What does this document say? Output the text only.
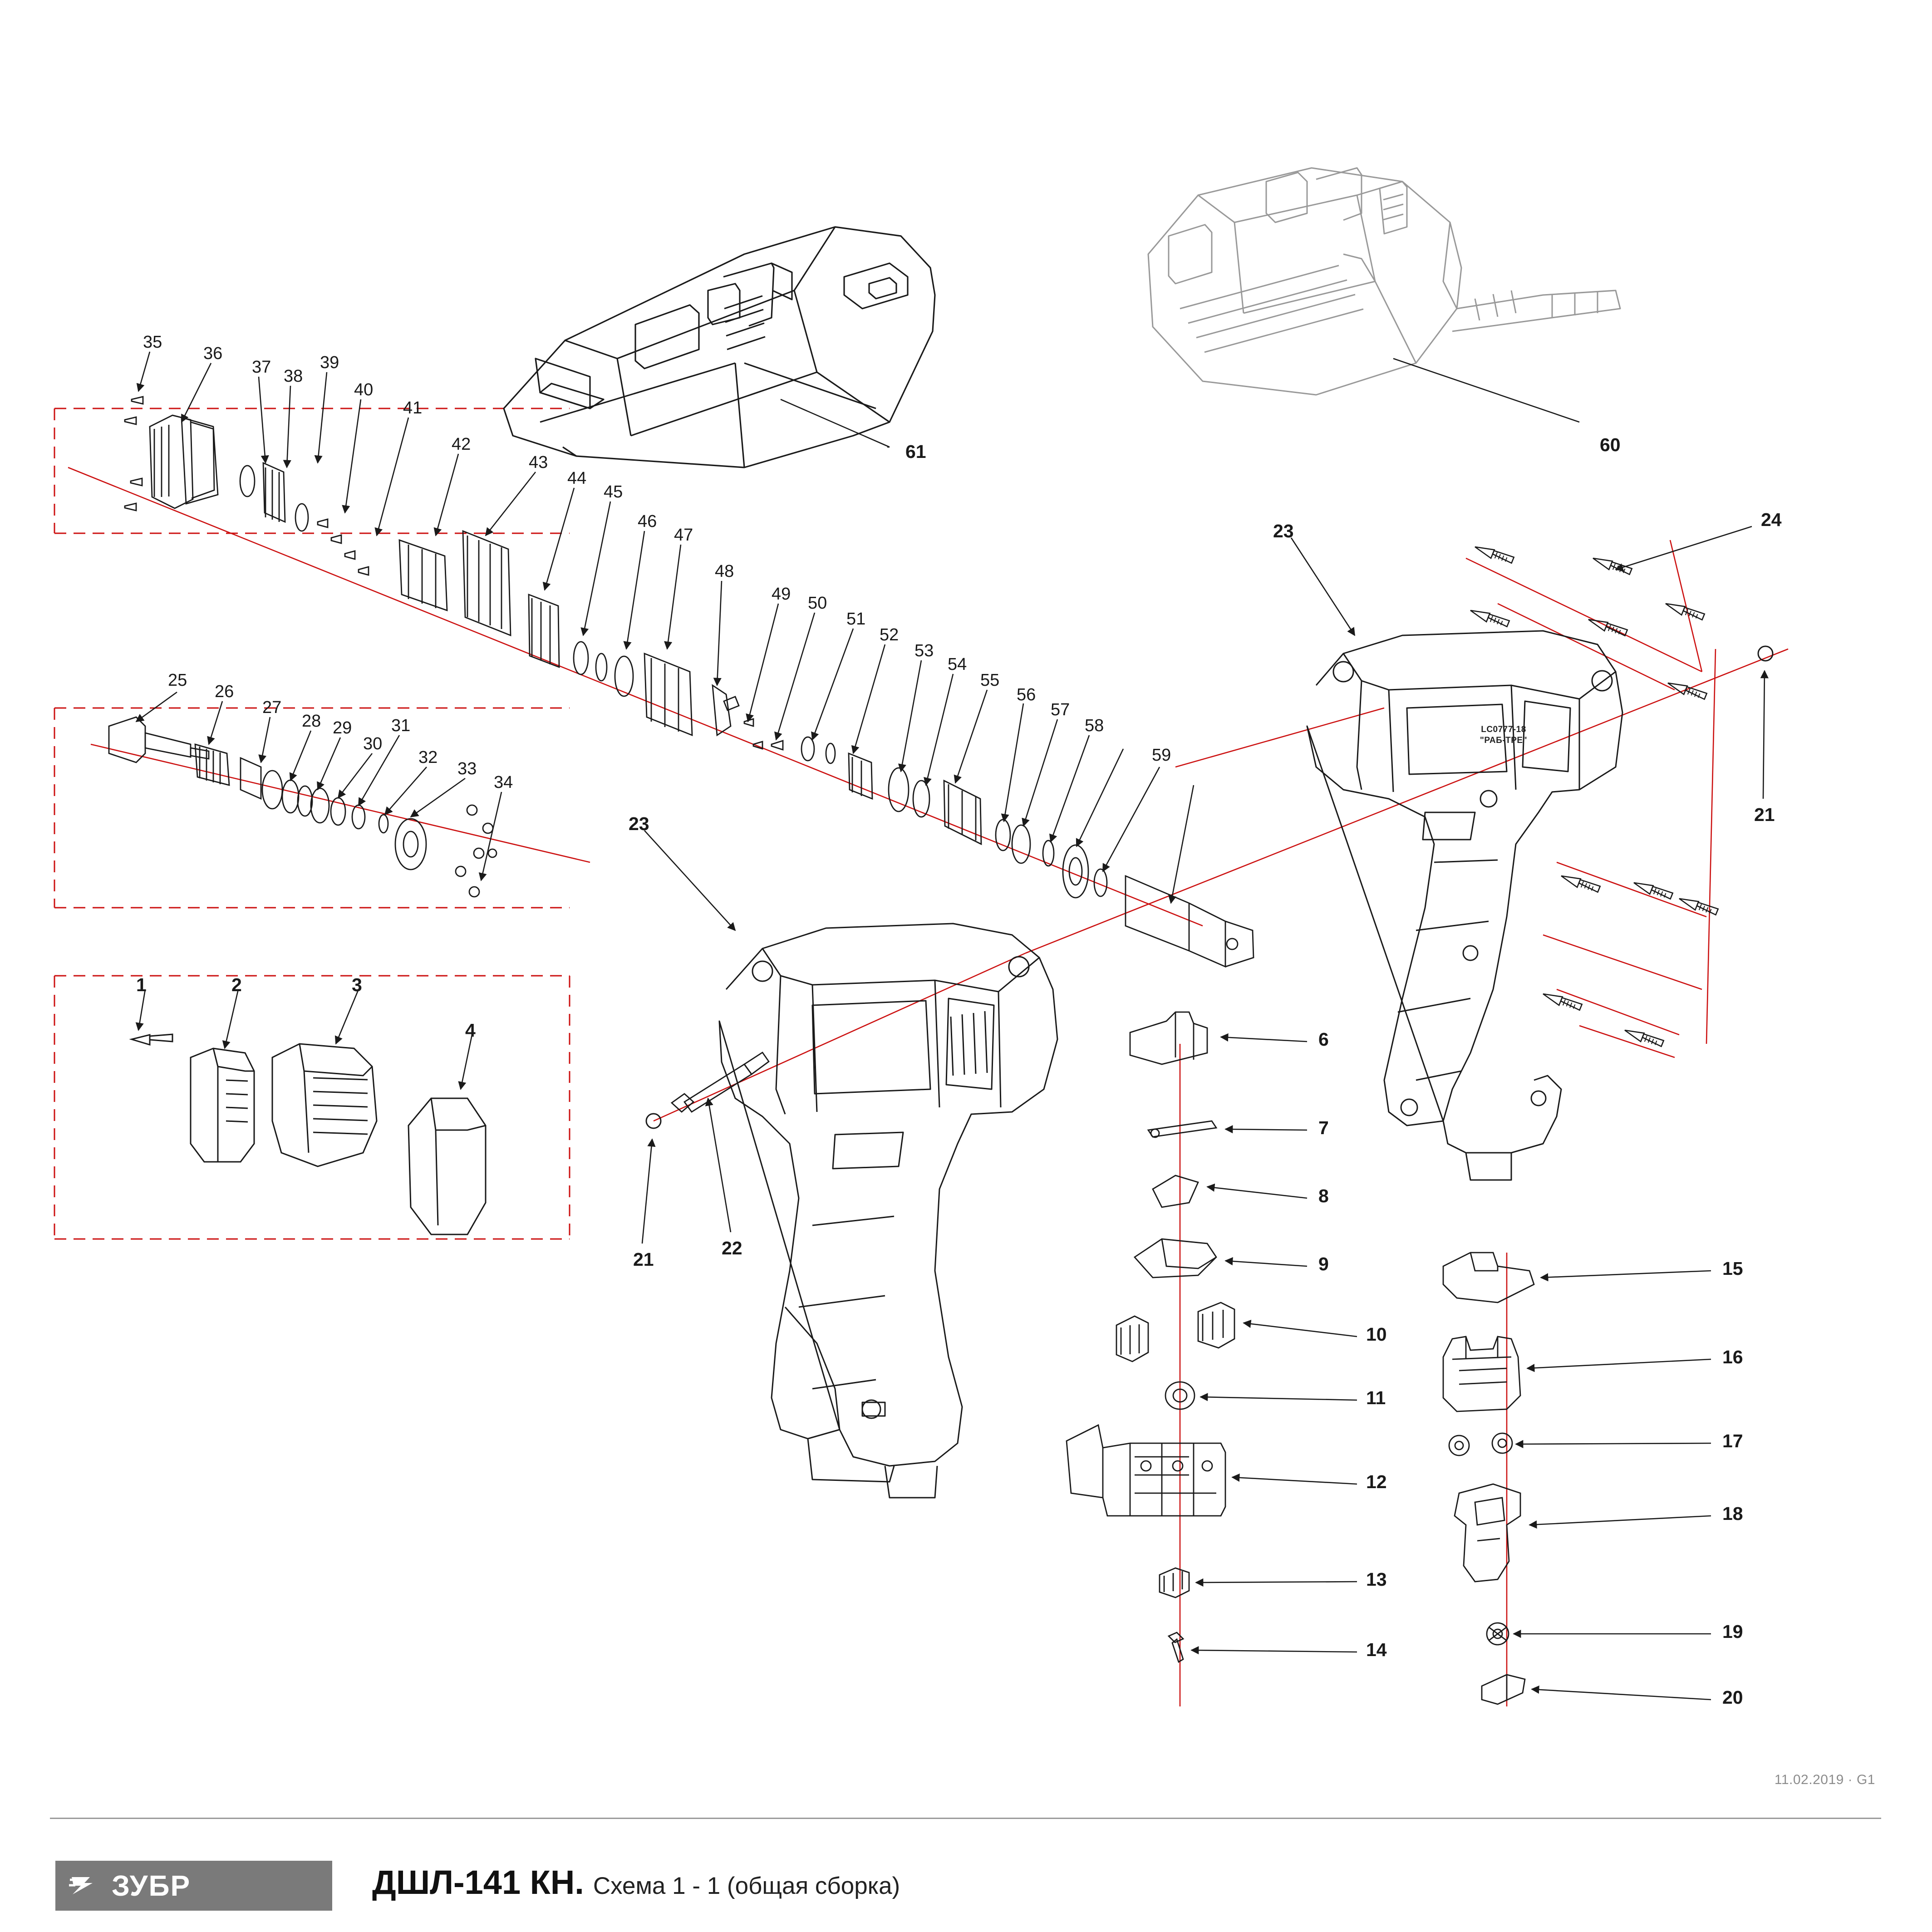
LC0777-18
"РАБ-ТРЕ"
1	2	3
4	6
7
8
9
10
11
12
13
14
15
16
17
18
19
20
21
21
22
23
23
24
25
26
27
28 29
30
31
32
33
34
35
36
37 38
39
40
41
42
43
44
45
46
47
48
49 50
51
52
53
54
55
56
57
58
59
60
61
11.02.2019 · G1
ЗУБР	ДШЛ-141 КН. Схема 1 - 1 (общая сборка)
